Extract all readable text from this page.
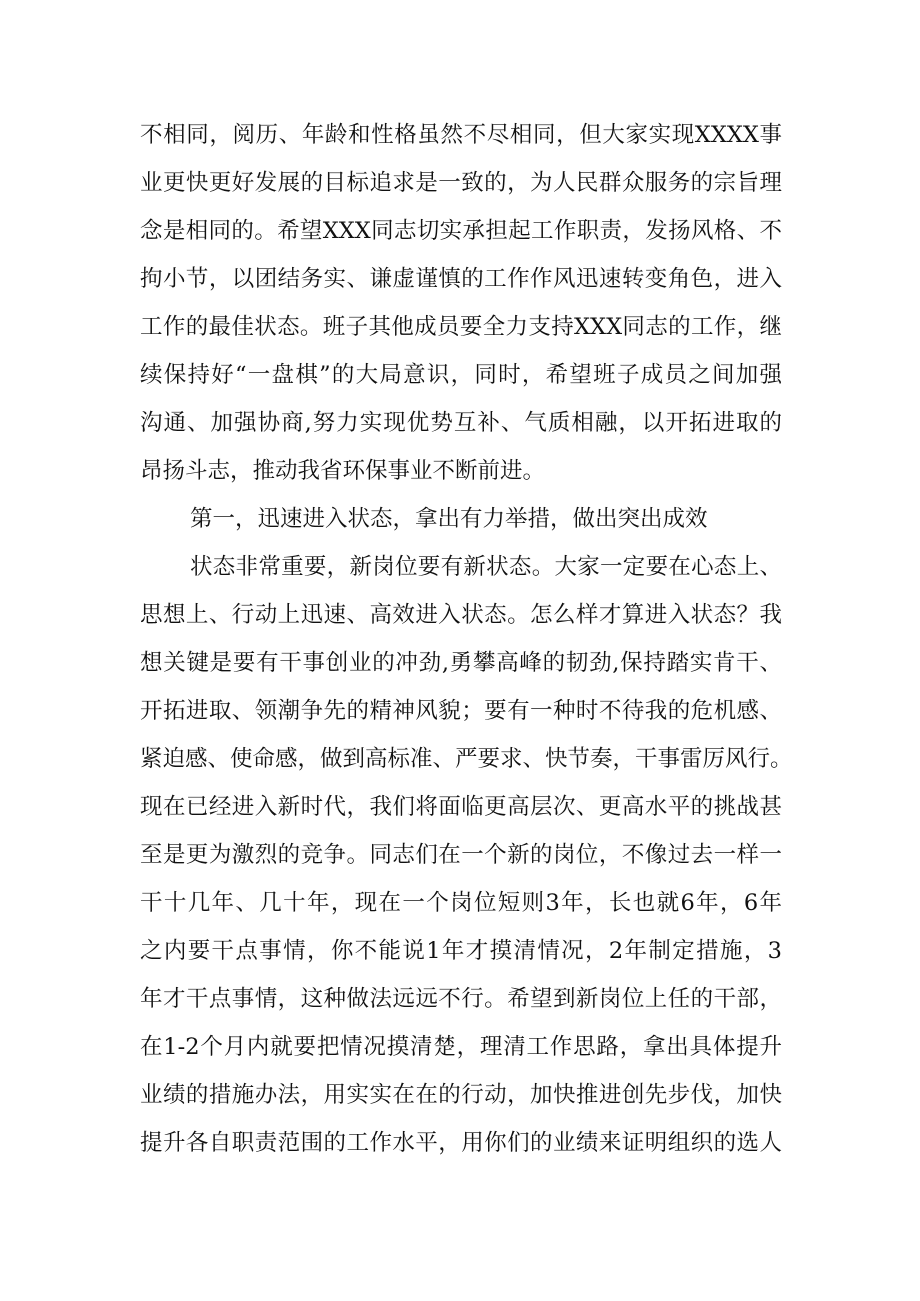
不相同，阅历、年龄和性格虽然不尽相同，但大家实现XXXX事

业更快更好发展的目标追求是一致的，为人民群众服务的宗旨理

念是相同的。希望XXX同志切实承担起工作职责，发扬风格、不

拘小节，以团结务实、谦虚谨慎的工作作风迅速转变角色，进入

工作的最佳状态。班子其他成员要全力支持XXX同志的工作，继

续保持好“一盘棋”的大局意识，同时，希望班子成员之间加强

沟通、加强协商,努力实现优势互补、气质相融，以开拓进取的

昂扬斗志，推动我省环保事业不断前进。

第一，迅速进入状态，拿出有力举措，做出突出成效

状态非常重要，新岗位要有新状态。大家一定要在心态上、

思想上、行动上迅速、高效进入状态。怎么样才算进入状态？我

想关键是要有干事创业的冲劲,勇攀高峰的韧劲,保持踏实肯干、

开拓进取、领潮争先的精神风貌；要有一种时不待我的危机感、

紧迫感、使命感，做到高标准、严要求、快节奏，干事雷厉风行。

现在已经进入新时代，我们将面临更高层次、更高水平的挑战甚

至是更为激烈的竞争。同志们在一个新的岗位，不像过去一样一

干十几年、几十年，现在一个岗位短则3年，长也就6年，6年

之内要干点事情，你不能说1年才摸清情况，2年制定措施，3

年才干点事情，这种做法远远不行。希望到新岗位上任的干部，

在1-2个月内就要把情况摸清楚，理清工作思路，拿出具体提升

业绩的措施办法，用实实在在的行动，加快推进创先步伐，加快

提升各自职责范围的工作水平，用你们的业绩来证明组织的选人
